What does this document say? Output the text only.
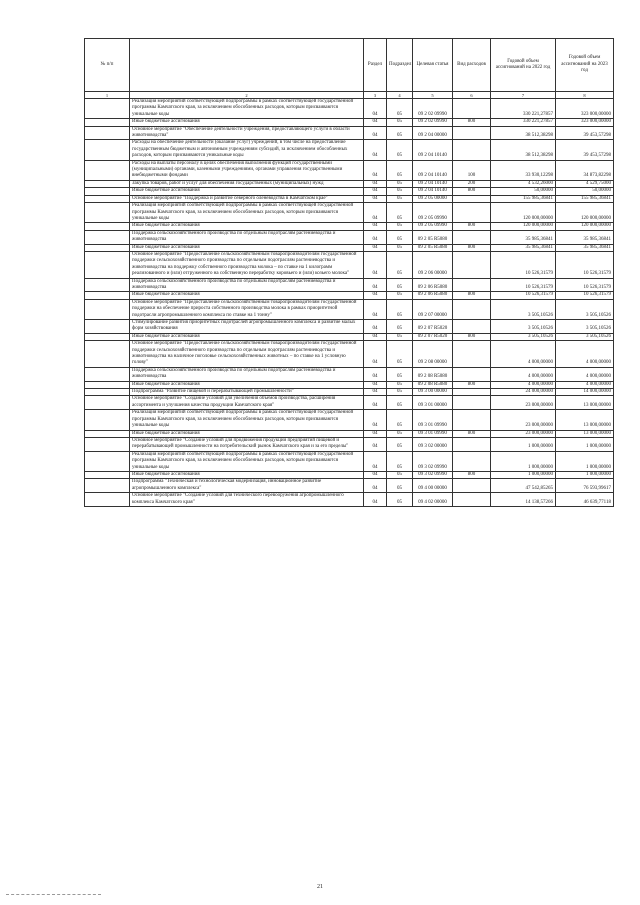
№ п/п		Раздел	Подраздел	Целевая статья	Вид расходов	Годовой объем ассигнований на 2022 год	Годовой объем ассигнований на 2023 год
1	2	3	4	5	6	7	8
	Реализация мероприятий соответствующей подпрограммы в рамках соответствующей государственной программы Камчатского края, за исключением обособленных расходов, которым присваиваются уникальные коды	04	05	09 2 02 09990		330 221,27857	323 000,00000
	Иные бюджетные ассигнования	04	05	09 2 02 09990	800	330 221,27857	323 000,00000
	Основное мероприятие "Обеспечение деятельности учреждения, предоставляющего услуги в области животноводства"	04	05	09 2 04 00000		38 512,38298	39 453,57298
	Расходы на обеспечение деятельности (оказание услуг) учреждений, в том числе на предоставление государственным бюджетным и автономным учреждениям субсидий, за исключением обособленных расходов, которым присваиваются уникальные коды	04	05	09 2 04 10140		38 512,38298	39 453,57298
	Расходы на выплаты персоналу в целях обеспечения выполнения функций государственными (муниципальными) органами, казенными учреждениями, органами управления государственными внебюджетными фондами	04	05	09 2 04 10140	100	33 930,12298	34 873,82298
	Закупка товаров, работ и услуг для обеспечения государственных (муниципальных) нужд	04	05	09 2 04 10140	200	4 532,26000	4 529,75000
	Иные бюджетные ассигнования	04	05	09 2 04 10140	800	50,00000	50,00000
	Основное мероприятие "Поддержка и развитие северного оленеводства в Камчатском крае"	04	05	09 2 05 00000		155 985,36841	155 985,36841
	Реализация мероприятий соответствующей подпрограммы в рамках соответствующей государственной программы Камчатского края, за исключением обособленных расходов, которым присваиваются уникальные коды	04	05	09 2 05 09990		120 000,00000	120 000,00000
	Иные бюджетные ассигнования	04	05	09 2 05 09990	800	120 000,00000	120 000,00000
	Поддержка сельскохозяйственного производства по отдельным подотраслям растениеводства и животноводства	04	05	09 2 05 R5080		35 985,36841	35 985,36841
	Иные бюджетные ассигнования	04	05	09 2 05 R5080	800	35 985,36841	35 985,36841
	Основное мероприятие "Предоставление сельскохозяйственным товаропроизводителям государственной поддержки сельскохозяйственного производства по отдельным подотраслям растениеводства и животноводства на поддержку собственного производства молока – по ставке на 1 килограмм реализованного и (или) отгруженного на собственную переработку коровьего и (или) козьего молока"	04	05	09 2 06 00000		10 526,31579	10 526,31579
	Поддержка сельскохозяйственного производства по отдельным подотраслям растениеводства и животноводства	04	05	09 2 06 R5080		10 526,31579	10 526,31579
	Иные бюджетные ассигнования	04	05	09 2 06 R5080	800	10 526,31579	10 526,31579
	Основное мероприятие "Предоставление сельскохозяйственным товаропроизводителям государственной поддержки на обеспечение прироста собственного производства молока в рамках приоритетной подотрасли агропромышленного комплекса по ставке на 1 тонну"	04	05	09 2 07 00000		3 505,10526	3 505,10526
	Стимулирование развития приоритетных подотраслей агропромышленного комплекса и развитие малых форм хозяйствования	04	05	09 2 07 R5020		3 505,10526	3 505,10526
	Иные бюджетные ассигнования	04	05	09 2 07 R5020	800	3 505,10526	3 505,10526
	Основное мероприятие "Предоставление сельскохозяйственным товаропроизводителям государственной поддержки сельскохозяйственного производства по отдельным подотраслям растениеводства и животноводства на наличное поголовье сельскохозяйственных животных – по ставке на 1 условную голову"	04	05	09 2 08 00000		4 000,00000	4 000,00000
	Поддержка сельскохозяйственного производства по отдельным подотраслям растениеводства и животноводства	04	05	09 2 08 R5080		4 000,00000	4 000,00000
	Иные бюджетные ассигнования	04	05	09 2 08 R5080	800	4 000,00000	4 000,00000
	Подпрограмма "Развитие пищевой и перерабатывающей промышленности"	04	05	09 3 00 00000		24 000,00000	14 000,00000
	Основное мероприятие "Создание условий для увеличения объемов производства, расширения ассортимента и улучшения качества продукции Камчатского края"	04	05	09 3 01 00000		23 000,00000	13 000,00000
	Реализация мероприятий соответствующей подпрограммы в рамках соответствующей государственной программы Камчатского края, за исключением обособленных расходов, которым присваиваются уникальные коды	04	05	09 3 01 09990		23 000,00000	13 000,00000
	Иные бюджетные ассигнования	04	05	09 3 01 09990	800	23 000,00000	13 000,00000
	Основное мероприятие "Создание условий для продвижения продукции предприятий пищевой и перерабатывающей промышленности на потребительский рынок Камчатского края и за его пределы"	04	05	09 3 02 00000		1 000,00000	1 000,00000
	Реализация мероприятий соответствующей подпрограммы в рамках соответствующей государственной программы Камчатского края, за исключением обособленных расходов, которым присваиваются уникальные коды	04	05	09 3 02 09990		1 000,00000	1 000,00000
	Иные бюджетные ассигнования	04	05	09 3 02 09990	800	1 000,00000	1 000,00000
	Подпрограмма "Техническая и технологическая модернизация, инновационное развитие агропромышленного комплекса"	04	05	09 4 00 00000		47 542,85265	76 593,99617
	Основное мероприятие "Создание условий для технического перевооружения агропромышленного комплекса Камчатского края"	04	05	09 4 02 00000		14 138,57266	46 639,77118
21
